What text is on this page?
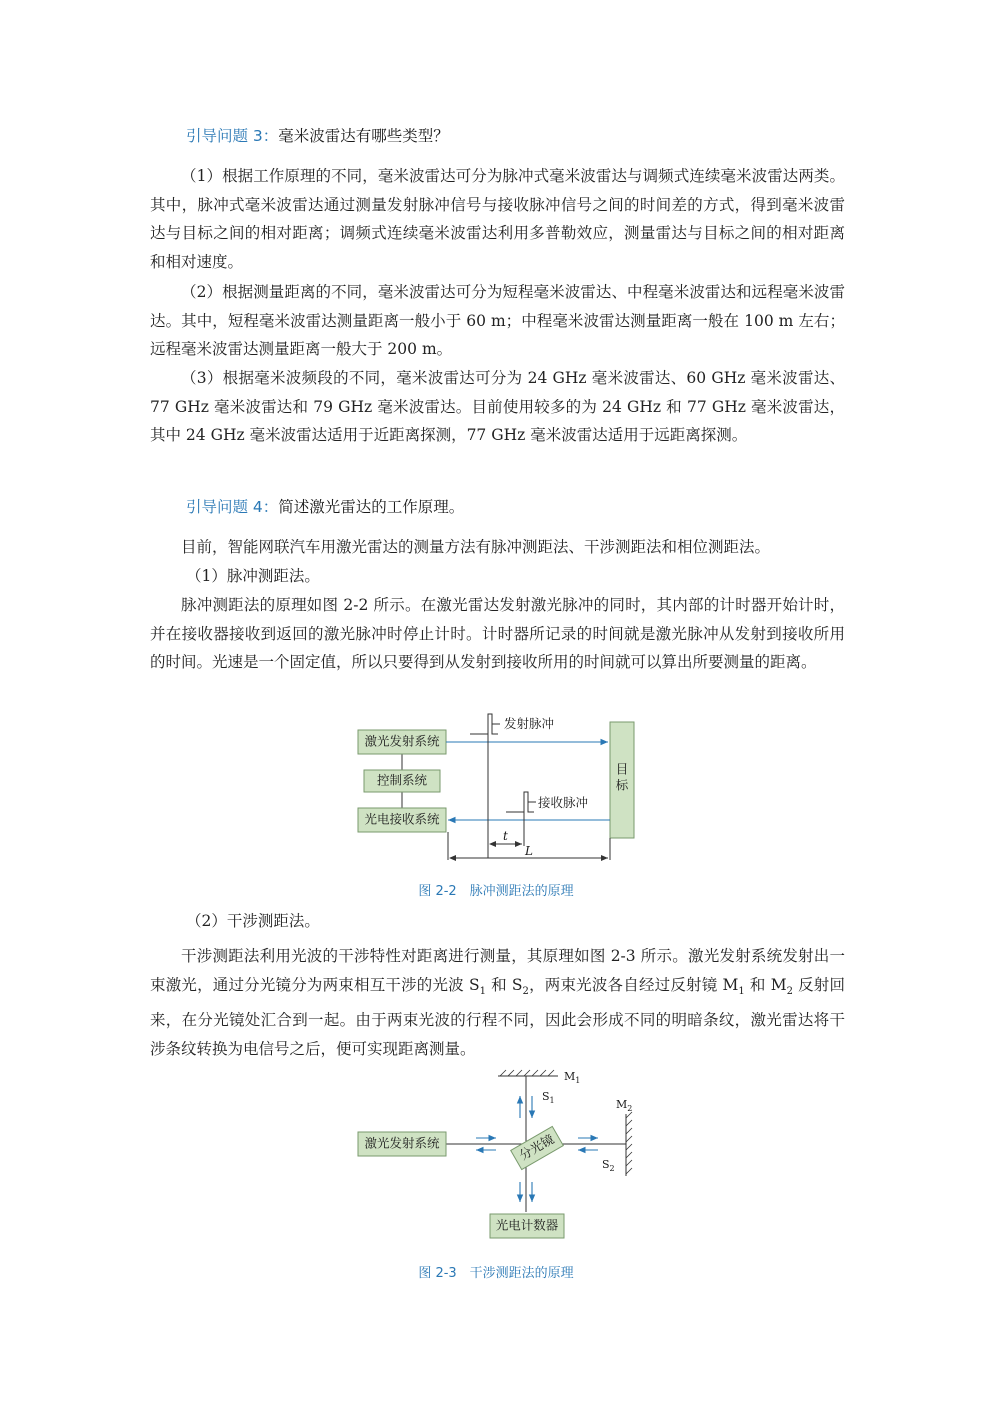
引导问题 3：毫米波雷达有哪些类型？

（1）根据工作原理的不同，毫米波雷达可分为脉冲式毫米波雷达与调频式连续毫米波雷达两类。其中，脉冲式毫米波雷达通过测量发射脉冲信号与接收脉冲信号之间的时间差的方式，得到毫米波雷达与目标之间的相对距离；调频式连续毫米波雷达利用多普勒效应，测量雷达与目标之间的相对距离和相对速度。

（2）根据测量距离的不同，毫米波雷达可分为短程毫米波雷达、中程毫米波雷达和远程毫米波雷达。其中，短程毫米波雷达测量距离一般小于 60 m；中程毫米波雷达测量距离一般在 100 m 左右；远程毫米波雷达测量距离一般大于 200 m。

（3）根据毫米波频段的不同，毫米波雷达可分为 24 GHz 毫米波雷达、60 GHz 毫米波雷达、77 GHz 毫米波雷达和 79 GHz 毫米波雷达。目前使用较多的为 24 GHz 和 77 GHz 毫米波雷达，其中 24 GHz 毫米波雷达适用于近距离探测，77 GHz 毫米波雷达适用于远距离探测。

引导问题 4：简述激光雷达的工作原理。

目前，智能网联汽车用激光雷达的测量方法有脉冲测距法、干涉测距法和相位测距法。

（1）脉冲测距法。

脉冲测距法的原理如图 2-2 所示。在激光雷达发射激光脉冲的同时，其内部的计时器开始计时，并在接收器接收到返回的激光脉冲时停止计时。计时器所记录的时间就是激光脉冲从发射到接收所用的时间。光速是一个固定值，所以只要得到从发射到接收所用的时间就可以算出所要测量的距离。

激光发射系统
控制系统
光电接收系统
目
标
发射脉冲
接收脉冲
t
L
图 2-2　脉冲测距法的原理

（2）干涉测距法。

干涉测距法利用光波的干涉特性对距离进行测量，其原理如图 2-3 所示。激光发射系统发射出一束激光，通过分光镜分为两束相互干涉的光波 $S_1$ 和 $S_2$，两束光波各自经过反射镜 $M_1$ 和 $M_2$ 反射回来，在分光镜处汇合到一起。由于两束光波的行程不同，因此会形成不同的明暗条纹，激光雷达将干涉条纹转换为电信号之后，便可实现距离测量。

$M_1$
$M_2$
$S_1$
$S_2$
激光发射系统	分光镜
光电计数器
图 2-3　干涉测距法的原理
